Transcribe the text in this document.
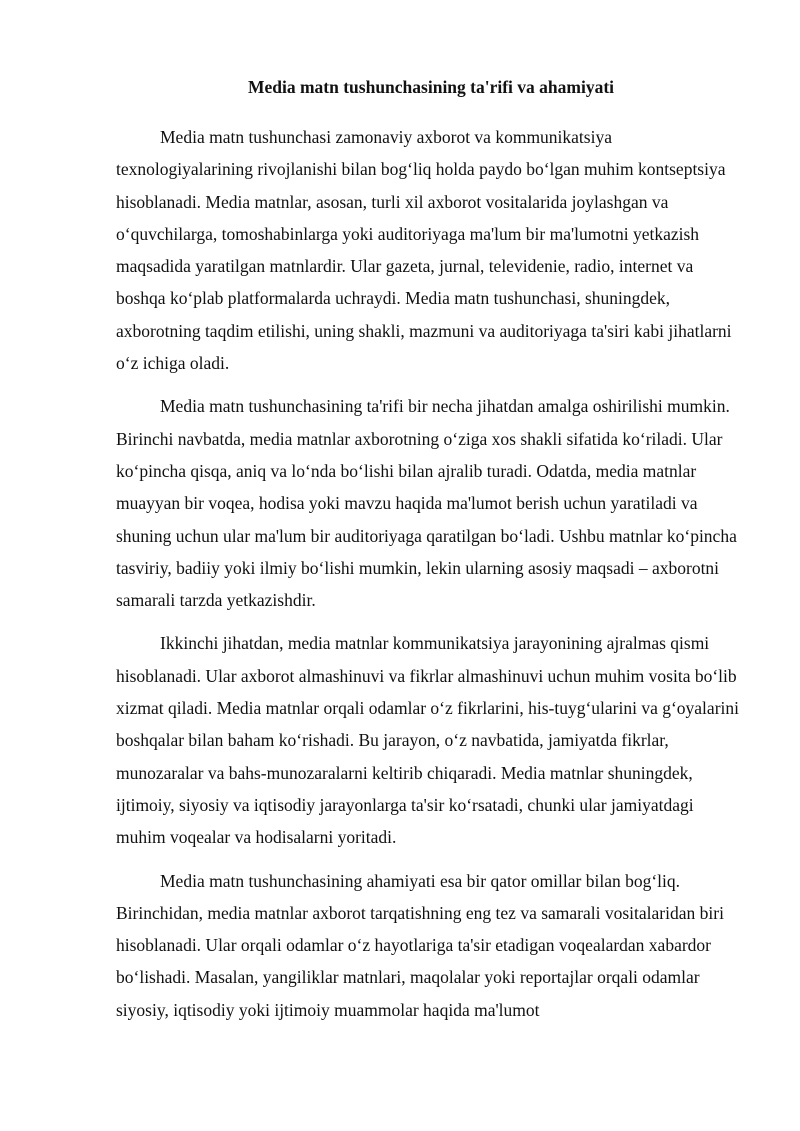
Media matn tushunchasining ta'rifi va ahamiyati

Media matn tushunchasi zamonaviy axborot va kommunikatsiya texnologiyalarining rivojlanishi bilan bog‘liq holda paydo bo‘lgan muhim kontseptsiya hisoblanadi. Media matnlar, asosan, turli xil axborot vositalarida joylashgan va o‘quvchilarga, tomoshabinlarga yoki auditoriyaga ma'lum bir ma'lumotni yetkazish maqsadida yaratilgan matnlardir. Ular gazeta, jurnal, televidenie, radio, internet va boshqa ko‘plab platformalarda uchraydi. Media matn tushunchasi, shuningdek, axborotning taqdim etilishi, uning shakli, mazmuni va auditoriyaga ta'siri kabi jihatlarni o‘z ichiga oladi.

Media matn tushunchasining ta'rifi bir necha jihatdan amalga oshirilishi mumkin. Birinchi navbatda, media matnlar axborotning o‘ziga xos shakli sifatida ko‘riladi. Ular ko‘pincha qisqa, aniq va lo‘nda bo‘lishi bilan ajralib turadi. Odatda, media matnlar muayyan bir voqea, hodisa yoki mavzu haqida ma'lumot berish uchun yaratiladi va shuning uchun ular ma'lum bir auditoriyaga qaratilgan bo‘ladi. Ushbu matnlar ko‘pincha tasviriy, badiiy yoki ilmiy bo‘lishi mumkin, lekin ularning asosiy maqsadi – axborotni samarali tarzda yetkazishdir.

Ikkinchi jihatdan, media matnlar kommunikatsiya jarayonining ajralmas qismi hisoblanadi. Ular axborot almashinuvi va fikrlar almashinuvi uchun muhim vosita bo‘lib xizmat qiladi. Media matnlar orqali odamlar o‘z fikrlarini, his-tuyg‘ularini va g‘oyalarini boshqalar bilan baham ko‘rishadi. Bu jarayon, o‘z navbatida, jamiyatda fikrlar, munozaralar va bahs-munozaralarni keltirib chiqaradi. Media matnlar shuningdek, ijtimoiy, siyosiy va iqtisodiy jarayonlarga ta'sir ko‘rsatadi, chunki ular jamiyatdagi muhim voqealar va hodisalarni yoritadi.

Media matn tushunchasining ahamiyati esa bir qator omillar bilan bog‘liq. Birinchidan, media matnlar axborot tarqatishning eng tez va samarali vositalaridan biri hisoblanadi. Ular orqali odamlar o‘z hayotlariga ta'sir etadigan voqealardan xabardor bo‘lishadi. Masalan, yangiliklar matnlari, maqolalar yoki reportajlar orqali odamlar siyosiy, iqtisodiy yoki ijtimoiy muammolar haqida ma'lumot
